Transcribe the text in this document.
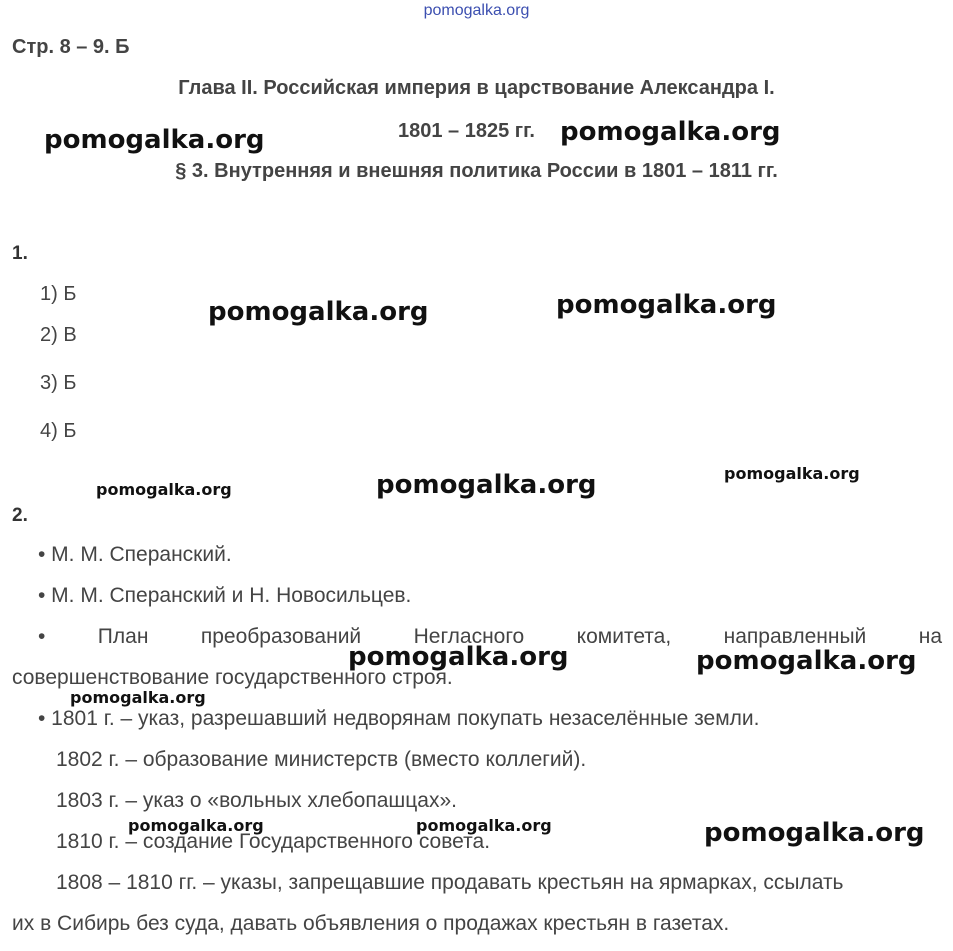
pomogalka.org
Стр. 8 – 9. Б
Глава II. Российская империя в царствование Александра I.
1801 – 1825 гг.
§ 3. Внутренняя и внешняя политика России в 1801 – 1811 гг.
1.
1) Б
2) В
3) Б
4) Б
2.
• М. М. Сперанский.
• М. М. Сперанский и Н. Новосильцев.
• План преобразований Негласного комитета, направленный на
совершенствование государственного строя.
• 1801 г. – указ, разрешавший недворянам покупать незаселённые земли.
1802 г. – образование министерств (вместо коллегий).
1803 г. – указ о «вольных хлебопашцах».
1810 г. – создание Государственного совета.
1808 – 1810 гг. – указы, запрещавшие продавать крестьян на ярмарках, ссылать
их в Сибирь без суда, давать объявления о продажах крестьян в газетах.
pomogalka.org	pomogalka.org
pomogalka.org	pomogalka.org
pomogalka.org	pomogalka.org	pomogalka.org
pomogalka.org	pomogalka.org
pomogalka.org
pomogalka.org	pomogalka.org	pomogalka.org
